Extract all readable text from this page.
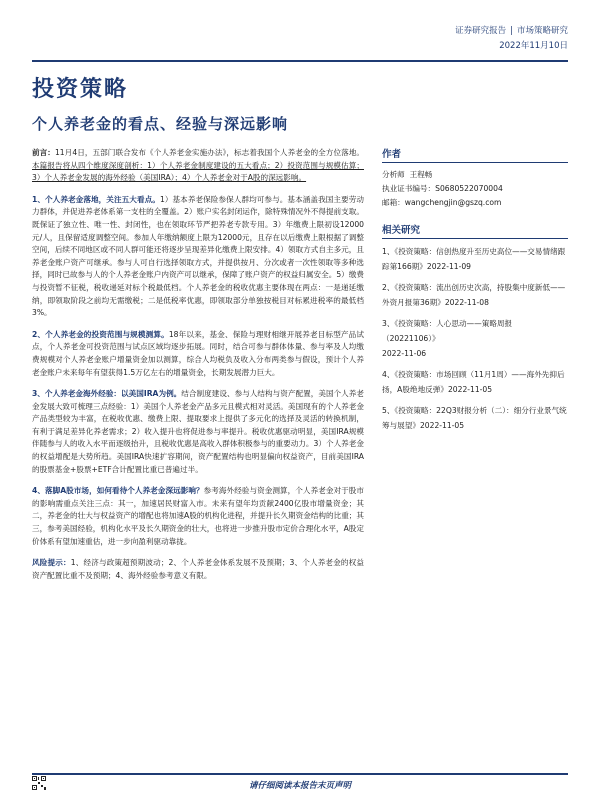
证券研究报告 | 市场策略研究
2022年11月10日
投资策略
个人养老金的看点、经验与深远影响

前言：11月4日，五部门联合发布《个人养老金实施办法》，标志着我国个人养老金的全方位落地。本篇报告将从四个维度深度剖析：1）个人养老金制度建设的五大看点；2）投资范围与规模估算；3）个人养老金发展的海外经验（美国IRA）；4）个人养老金对于A股的深远影响。

1、个人养老金落地，关注五大看点。1）基本养老保险参保人群均可参与。基本涵盖我国主要劳动力群体，并促进养老体系第一支柱的全覆盖。2）账户实名封闭运作，除特殊情况外不得提前支取。既保证了独立性、唯一性、封闭性，也在领取环节严把养老专款专用。3）年缴费上限初设12000元/人，且保留适度调整空间。参加人年缴纳额度上限为12000元，且存在以后缴费上限根据了调整空间，后续不同地区或不同人群可能还将逐步呈现差异化缴费上限安排。4）领取方式自主多元，且养老金账户资产可继承。参与人可自行选择领取方式，并提供按月、分次或者一次性领取等多种选择，同时已故参与人的个人养老金账户内资产可以继承，保障了账户资产的权益归属安全。5）缴费与投资暂不征税，税收递延对标个税最低档。个人养老金的税收优惠主要体现在两点：一是递延缴纳，即领取阶段之前均无需缴税；二是低税率优惠，即领取部分单独按税目对标累进税率的最低档3%。

2、个人养老金的投资范围与规模测算。18年以来，基金、保险与理财相继开展养老目标型产品试点，个人养老金可投资范围与试点区域均逐步拓展。同时，结合可参与群体体量、参与率及人均缴费规模对个人养老金账户增量资金加以测算，综合人均税负及收入分布两类参与假设，预计个人养老金账户未来每年有望获得1.5万亿左右的增量资金，长期发展潜力巨大。

3、个人养老金海外经验：以美国IRA为例。结合制度建设、参与人结构与资产配置，美国个人养老金发展大致可梳理三点经验：1）美国个人养老金产品多元且模式相对灵活。美国现有的个人养老金产品类型较为丰富，在税收优惠、缴费上限、提取要求上提供了多元化的选择及灵活的转换机制，有利于满足差异化养老需求；2）收入提升也将促进参与率提升。税收优惠驱动明显，美国IRA规模伴随参与人的收入水平而逐级抬升，且税收优惠是高收入群体积极参与的重要动力。3）个人养老金的权益增配是大势所趋。美国IRA快速扩容期间，资产配置结构也明显偏向权益资产，目前美国IRA的股票基金+股票+ETF合计配置比重已普遍过半。

4、落脚A股市场，如何看待个人养老金深远影响？参考海外经验与资金测算，个人养老金对于股市的影响需重点关注三点：其一，加速居民财富入市。未来有望年均贡献2400亿股市增量资金；其二，养老金的壮大与权益资产的增配也将加速A股的机构化进程，并提升长久期资金结构的比重；其三，参考美国经验，机构化水平及长久期资金的壮大，也将进一步推升股市定价合理化水平，A股定价体系有望加速重估，进一步向盈利驱动靠拢。

风险提示：1、经济与政策超预期波动；2、个人养老金体系发展不及预期；3、个人养老金的权益资产配置比重不及预期；4、海外经验参考意义有限。

作者
分析师 王程畅
执业证书编号：S0680522070004
邮箱：wangchengjin@gszq.com
相关研究
1、《投资策略：信创热度升至历史高位——交易情绪跟踪第166期》2022-11-09
2、《投资策略：流出创历史次高，持股集中度新低——外资月报第36期》2022-11-08
3、《投资策略：人心思动——策略周报（20221106）》
2022-11-06
4、《投资策略：市场回顾（11月1周）——海外先抑后扬，A股绝地反弹》2022-11-05
5、《投资策略：22Q3财报分析（二）：细分行业景气统筹与展望》2022-11-05
请仔细阅读本报告末页声明
